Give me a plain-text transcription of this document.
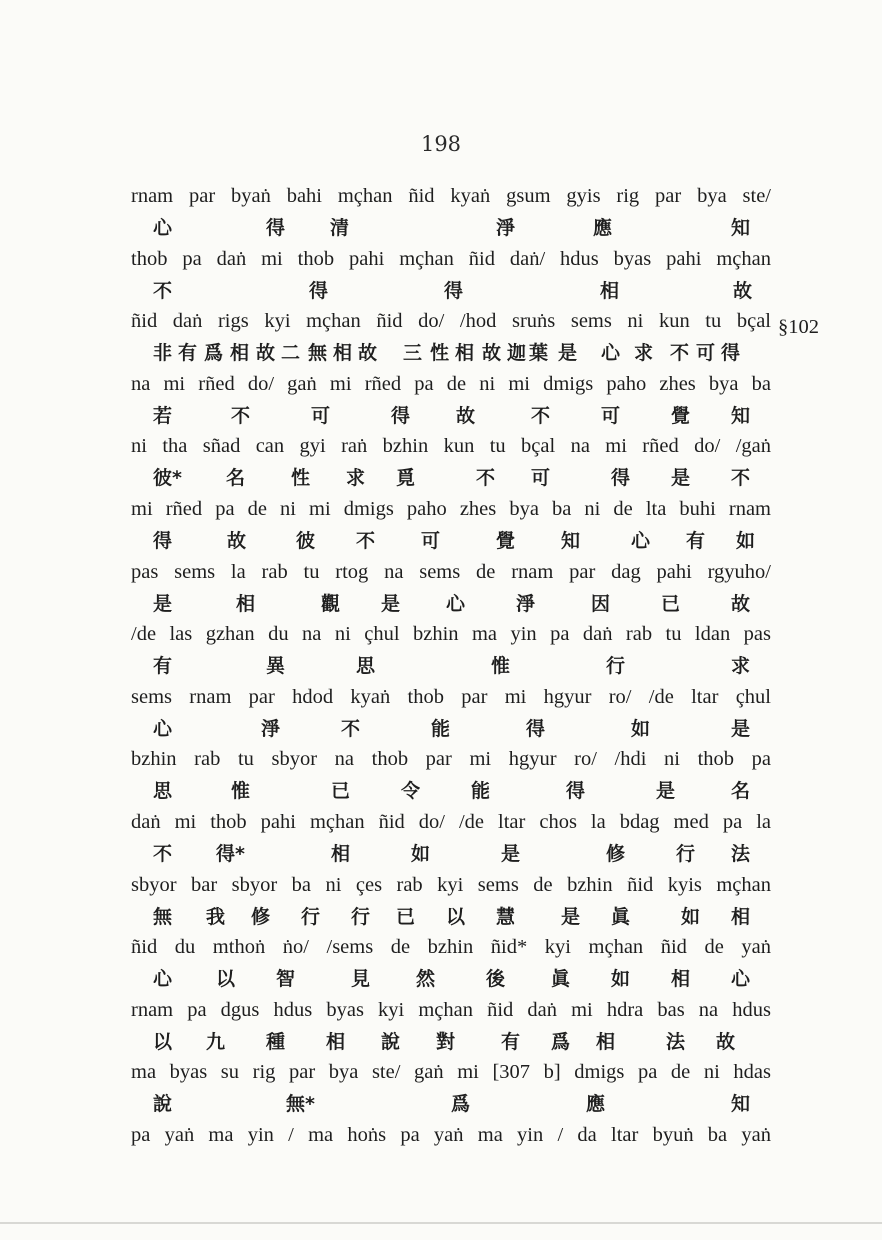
198
rnam par byaṅ bahi mçhan ñid kyaṅ gsum gyis rig par bya ste/
心	得 清	淨	應	知
thob pa daṅ mi thob pahi mçhan ñid daṅ/ hdus byas pahi mçhan
不	得	得	相	故
ñid daṅ rigs kyi mçhan ñid do/ /hod sruṅs sems ni kun tu bçal
非 有 爲 相 故 二 無 相 故 三 性 相 故 迦 葉 是 心 求 不 可 得
na mi rñed do/ gaṅ mi rñed pa de ni mi dmigs paho zhes bya ba
若	不	可	得 故	不	可	覺 知
ni tha sñad can gyi raṅ bzhin kun tu bçal na mi rñed do/ /gaṅ
彼* 名 性 求 覓	不 可	得 是 不
mi rñed pa de ni mi dmigs paho zhes bya ba ni de lta buhi rnam
得	故	彼 不 可	覺 知	心 有 如
pas sems la rab tu rtog na sems de rnam par dag pahi rgyuho/
是	相	觀 是 心	淨	因	已	故
/de las gzhan du na ni çhul bzhin ma yin pa daṅ rab tu ldan pas
有	異	思	惟	行	求
sems rnam par hdod kyaṅ thob par mi hgyur ro/ /de ltar çhul
心	淨	不	能	得	如	是
bzhin rab tu sbyor na thob par mi hgyur ro/ /hdi ni thob pa
思	惟	已	令	能	得	是	名
daṅ mi thob pahi mçhan ñid do/ /de ltar chos la bdag med pa la
不 得*	相	如	是	修	行 法
sbyor bar sbyor ba ni çes rab kyi sems de bzhin ñid kyis mçhan
無 我 修 行 行 已 以 慧 是 眞	如 相
ñid du mthoṅ ṅo/ /sems de bzhin ñid* kyi mçhan ñid de yaṅ
心 以 智	見 然	後 眞 如 相 心
rnam pa dgus hdus byas kyi mçhan ñid daṅ mi hdra bas na hdus
以 九 種 相 說 對 有 爲 相	法 故
ma byas su rig par bya ste/ gaṅ mi [307 b] dmigs pa de ni hdas
說	無*	爲	應	知
pa yaṅ ma yin / ma hoṅs pa yaṅ ma yin / da ltar byuṅ ba yaṅ
§102
